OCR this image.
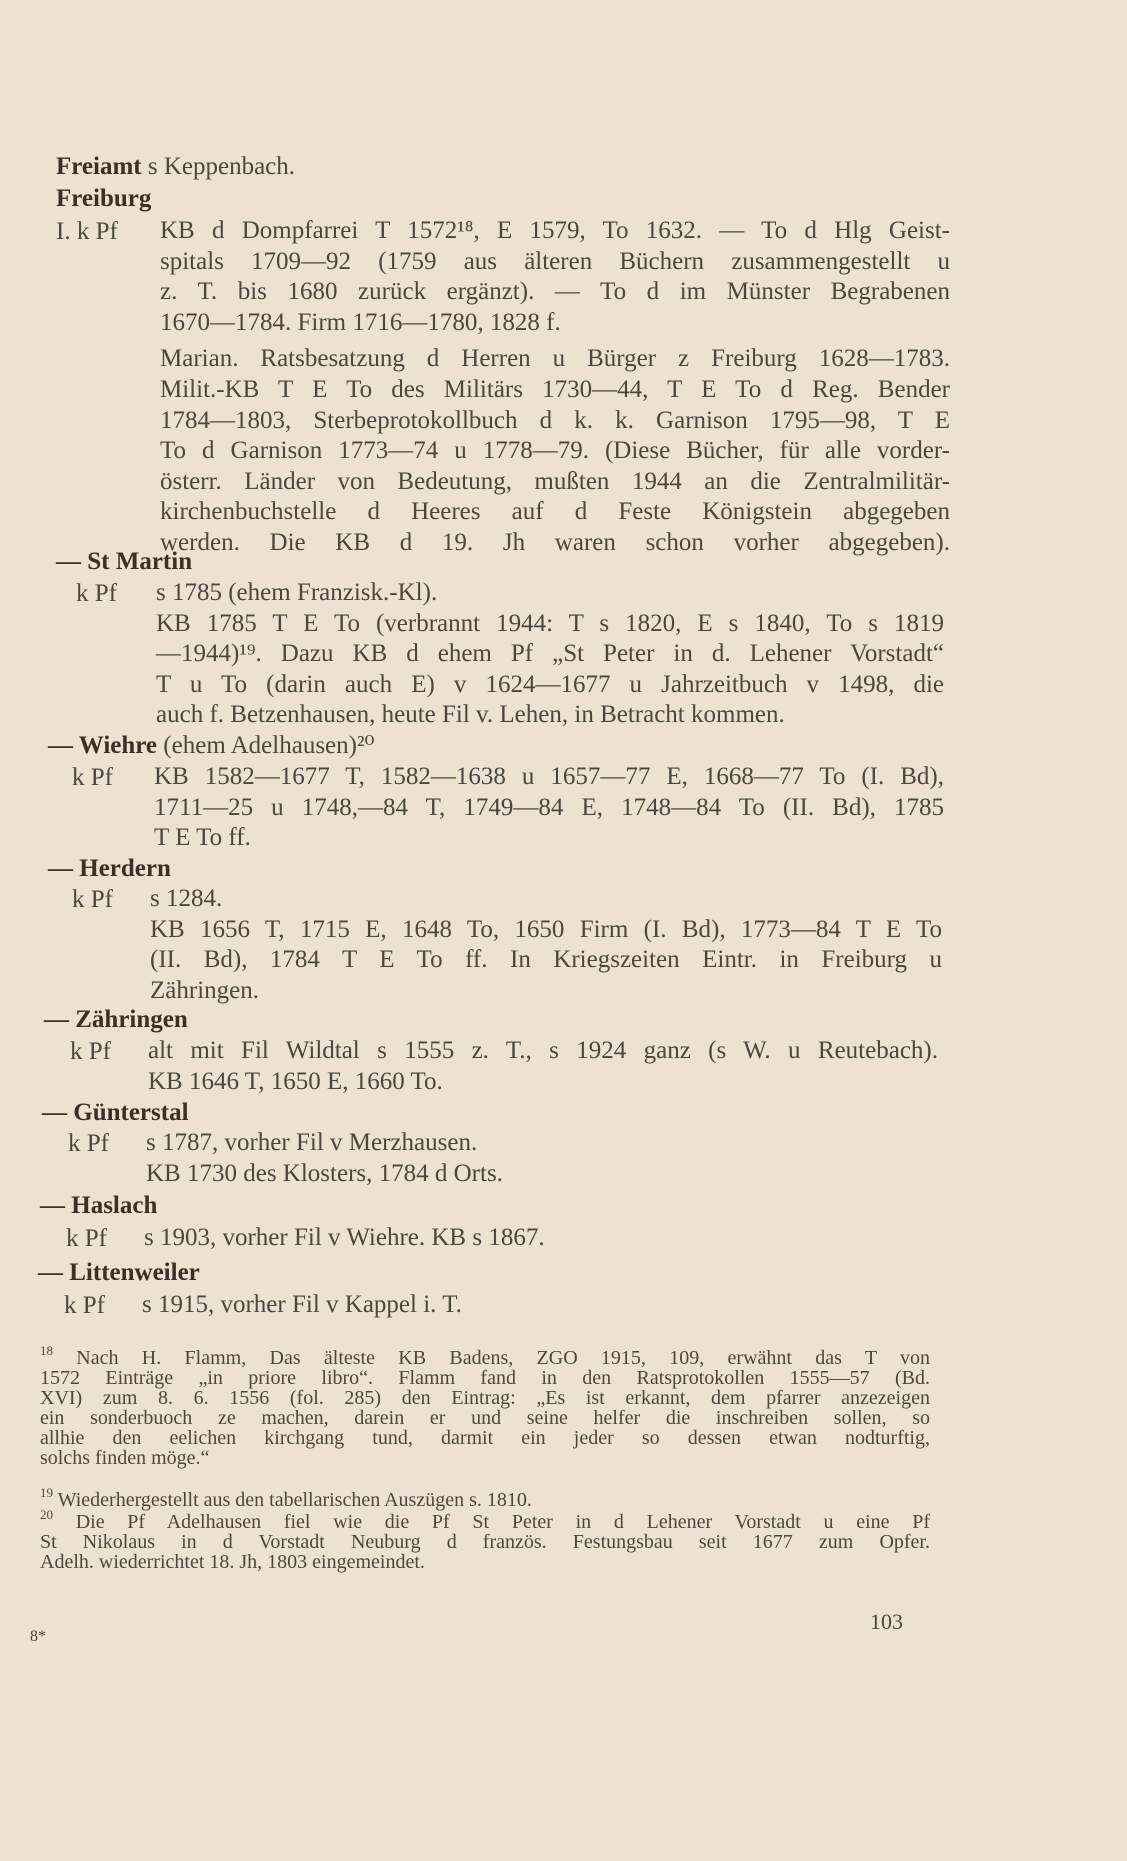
Freiamt s Keppenbach.
Freiburg
I. k Pf KB d Dompfarrei T 1572¹⁸, E 1579, To 1632. — To d Hlg Geist-
spitals 1709—92 (1759 aus älteren Büchern zusammengestellt u
z. T. bis 1680 zurück ergänzt). — To d im Münster Begrabenen
1670—1784. Firm 1716—1780, 1828 f.
Marian. Ratsbesatzung d Herren u Bürger z Freiburg 1628—1783.
Milit.-KB T E To des Militärs 1730—44, T E To d Reg. Bender
1784—1803, Sterbeprotokollbuch d k. k. Garnison 1795—98, T E
To d Garnison 1773—74 u 1778—79. (Diese Bücher, für alle vorder-
österr. Länder von Bedeutung, mußten 1944 an die Zentralmilitär-
kirchenbuchstelle d Heeres auf d Feste Königstein abgegeben
werden. Die KB d 19. Jh waren schon vorher abgegeben).
— St Martin
k Pf s 1785 (ehem Franzisk.-Kl).
KB 1785 T E To (verbrannt 1944: T s 1820, E s 1840, To s 1819
—1944)¹⁹. Dazu KB d ehem Pf „St Peter in d. Lehener Vorstadt“
T u To (darin auch E) v 1624—1677 u Jahrzeitbuch v 1498, die
auch f. Betzenhausen, heute Fil v. Lehen, in Betracht kommen.
— Wiehre (ehem Adelhausen)²⁰
k Pf KB 1582—1677 T, 1582—1638 u 1657—77 E, 1668—77 To (I. Bd),
1711—25 u 1748,—84 T, 1749—84 E, 1748—84 To (II. Bd), 1785
T E To ff.
— Herdern
k Pf s 1284.
KB 1656 T, 1715 E, 1648 To, 1650 Firm (I. Bd), 1773—84 T E To
(II. Bd), 1784 T E To ff. In Kriegszeiten Eintr. in Freiburg u
Zähringen.
— Zähringen
k Pf alt mit Fil Wildtal s 1555 z. T., s 1924 ganz (s W. u Reutebach).
KB 1646 T, 1650 E, 1660 To.
— Günterstal
k Pf s 1787, vorher Fil v Merzhausen.
KB 1730 des Klosters, 1784 d Orts.
— Haslach
k Pf s 1903, vorher Fil v Wiehre. KB s 1867.
— Littenweiler
k Pf s 1915, vorher Fil v Kappel i. T.
$^{18}$ Nach H. Flamm, Das älteste KB Badens, ZGO 1915, 109, erwähnt das T von
1572 Einträge „in priore libro“. Flamm fand in den Ratsprotokollen 1555—57 (Bd.
XVI) zum 8. 6. 1556 (fol. 285) den Eintrag: „Es ist erkannt, dem pfarrer anzezeigen
ein sonderbuoch ze machen, darein er und seine helfer die inschreiben sollen, so
allhie den eelichen kirchgang tund, darmit ein jeder so dessen etwan nodturftig,
solchs finden möge.“
$^{19}$ Wiederhergestellt aus den tabellarischen Auszügen s. 1810.
$^{20}$ Die Pf Adelhausen fiel wie die Pf St Peter in d Lehener Vorstadt u eine Pf
St Nikolaus in d Vorstadt Neuburg d französ. Festungsbau seit 1677 zum Opfer.
Adelh. wiederrichtet 18. Jh, 1803 eingemeindet.
103
8*
